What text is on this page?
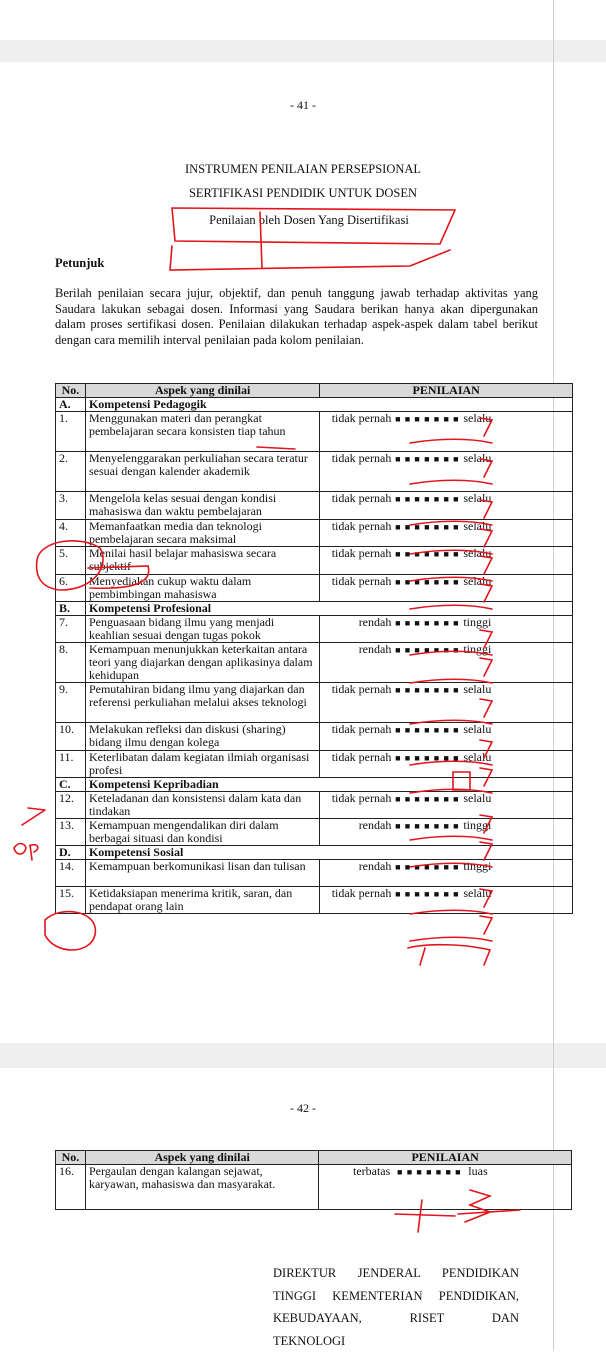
- 41 -
INSTRUMEN PENILAIAN PERSEPSIONAL
SERTIFIKASI PENDIDIK UNTUK DOSEN
Penilaian oleh Dosen Yang Disertifikasi
Petunjuk
Berilah penilaian secara jujur, objektif, dan penuh tanggung jawab terhadap aktivitas yang Saudara lakukan sebagai dosen. Informasi yang Saudara berikan hanya akan dipergunakan dalam proses sertifikasi dosen. Penilaian dilakukan terhadap aspek-aspek dalam tabel berikut dengan cara memilih interval penilaian pada kolom penilaian.
No.	Aspek yang dinilai	PENILAIAN
A.	Kompetensi Pedagogik	
1.	Menggunakan materi dan perangkat pembelajaran secara konsisten tiap tahun	tidak pernah ■ ■ ■ ■ ■ ■ ■ selalu
2.	Menyelenggarakan perkuliahan secara teratur sesuai dengan kalender akademik	tidak pernah ■ ■ ■ ■ ■ ■ ■ selalu
3.	Mengelola kelas sesuai dengan kondisi mahasiswa dan waktu pembelajaran	tidak pernah ■ ■ ■ ■ ■ ■ ■ selalu
4.	Memanfaatkan media dan teknologi pembelajaran secara maksimal	tidak pernah ■ ■ ■ ■ ■ ■ ■ selalu
5.	Menilai hasil belajar mahasiswa secara subjektif	tidak pernah ■ ■ ■ ■ ■ ■ ■ selalu
6.	Menyediakan cukup waktu dalam pembimbingan mahasiswa	tidak pernah ■ ■ ■ ■ ■ ■ ■ selalu
B.	Kompetensi Profesional	
7.	Penguasaan bidang ilmu yang menjadi keahlian sesuai dengan tugas pokok	rendah ■ ■ ■ ■ ■ ■ ■ tinggi
8.	Kemampuan menunjukkan keterkaitan antara teori yang diajarkan dengan aplikasinya dalam kehidupan	rendah ■ ■ ■ ■ ■ ■ ■ tinggi
9.	Pemutahiran bidang ilmu yang diajarkan dan referensi perkuliahan melalui akses teknologi	tidak pernah ■ ■ ■ ■ ■ ■ ■ selalu
10.	Melakukan refleksi dan diskusi (sharing) bidang ilmu dengan kolega	tidak pernah ■ ■ ■ ■ ■ ■ ■ selalu
11.	Keterlibatan dalam kegiatan ilmiah organisasi profesi	tidak pernah ■ ■ ■ ■ ■ ■ ■ selalu
C.	Kompetensi Kepribadian	
12.	Keteladanan dan konsistensi dalam kata dan tindakan	tidak pernah ■ ■ ■ ■ ■ ■ ■ selalu
13.	Kemampuan mengendalikan diri dalam berbagai situasi dan kondisi	rendah ■ ■ ■ ■ ■ ■ ■ tinggi
D.	Kompetensi Sosial	
14.	Kemampuan berkomunikasi lisan dan tulisan	rendah ■ ■ ■ ■ ■ ■ ■ tinggi
15.	Ketidaksiapan menerima kritik, saran, dan pendapat orang lain	tidak pernah ■ ■ ■ ■ ■ ■ ■ selalu
- 42 -
No.	Aspek yang dinilai	PENILAIAN
16.	Pergaulan dengan kalangan sejawat, karyawan, mahasiswa dan masyarakat.	terbatas ■ ■ ■ ■ ■ ■ ■ luas
DIREKTUR JENDERAL PENDIDIKAN
TINGGI KEMENTERIAN PENDIDIKAN,
KEBUDAYAAN, RISET DAN
TEKNOLOGI
